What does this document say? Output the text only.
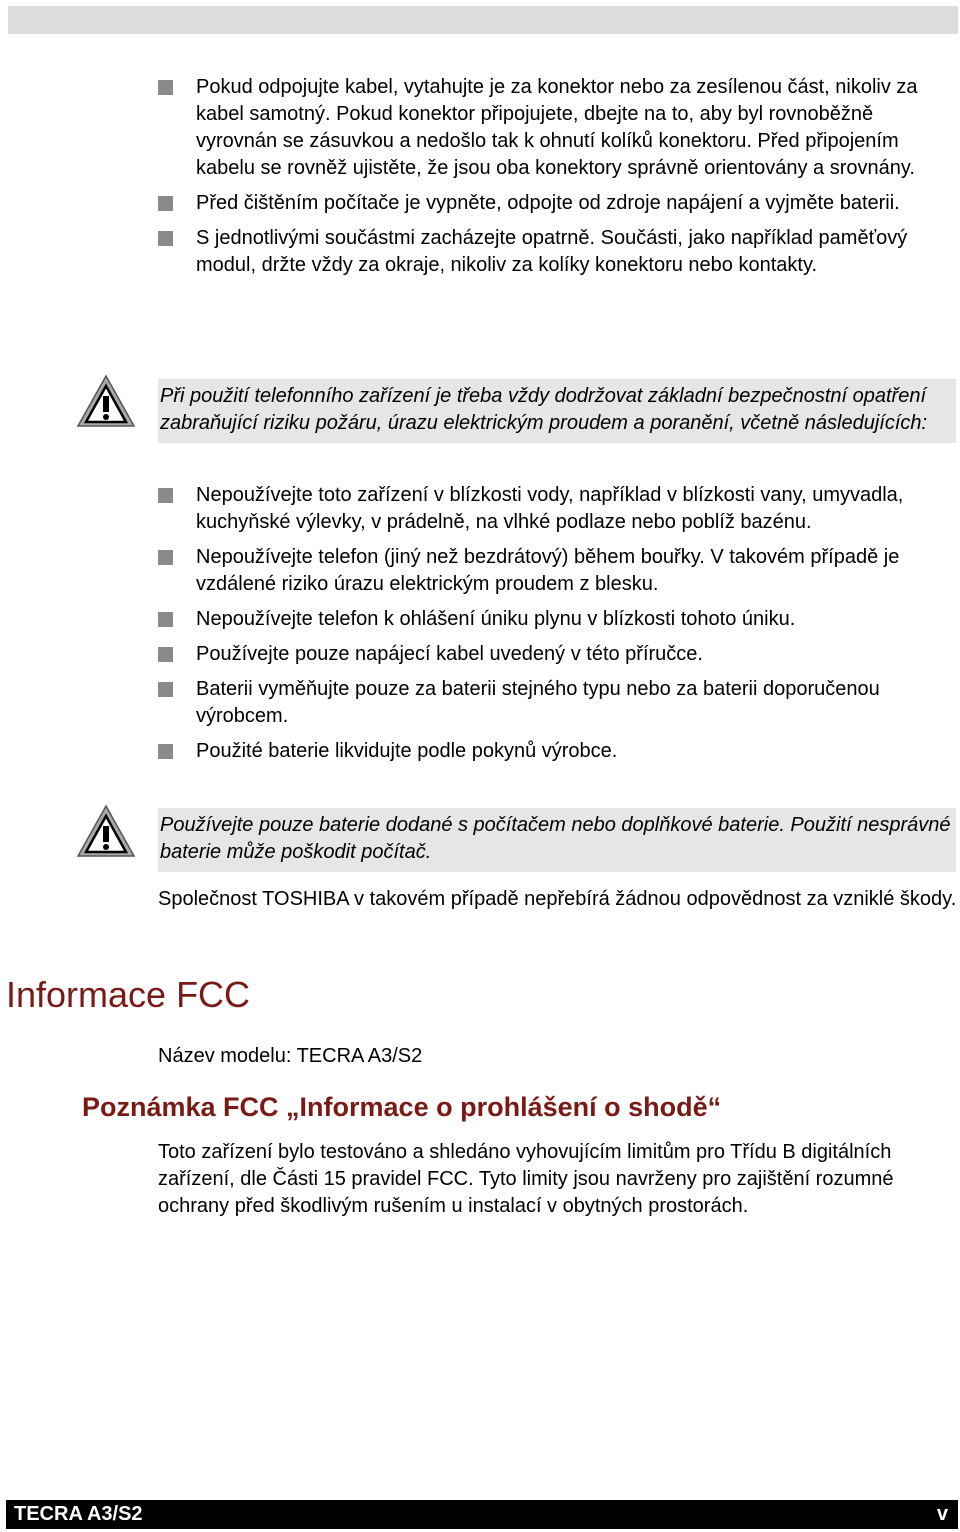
Pokud odpojujte kabel, vytahujte je za konektor nebo za zesílenou část, nikoliv za kabel samotný. Pokud konektor připojujete, dbejte na to, aby byl rovnoběžně vyrovnán se zásuvkou a nedošlo tak k ohnutí kolíků konektoru. Před připojením kabelu se rovněž ujistěte, že jsou oba konektory správně orientovány a srovnány.
Před čištěním počítače je vypněte, odpojte od zdroje napájení a vyjměte baterii.
S jednotlivými součástmi zacházejte opatrně. Součásti, jako například paměťový modul, držte vždy za okraje, nikoliv za kolíky konektoru nebo kontakty.
Při použití telefonního zařízení je třeba vždy dodržovat základní bezpečnostní opatření zabraňující riziku požáru, úrazu elektrickým proudem a poranění, včetně následujících:
Nepoužívejte toto zařízení v blízkosti vody, například v blízkosti vany, umyvadla, kuchyňské výlevky, v prádelně, na vlhké podlaze nebo poblíž bazénu.
Nepoužívejte telefon (jiný než bezdrátový) během bouřky. V takovém případě je vzdálené riziko úrazu elektrickým proudem z blesku.
Nepoužívejte telefon k ohlášení úniku plynu v blízkosti tohoto úniku.
Používejte pouze napájecí kabel uvedený v této příručce.
Baterii vyměňujte pouze za baterii stejného typu nebo za baterii doporučenou výrobcem.
Použité baterie likvidujte podle pokynů výrobce.
Používejte pouze baterie dodané s počítačem nebo doplňkové baterie. Použití nesprávné baterie může poškodit počítač.

Společnost TOSHIBA v takovém případě nepřebírá žádnou odpovědnost za vzniklé škody.

Informace FCC

Název modelu: TECRA A3/S2

Poznámka FCC „Informace o prohlášení o shodě“

Toto zařízení bylo testováno a shledáno vyhovujícím limitům pro Třídu B digitálních zařízení, dle Části 15 pravidel FCC. Tyto limity jsou navrženy pro zajištění rozumné ochrany před škodlivým rušením u instalací v obytných prostorách.

TECRA A3/S2	v
